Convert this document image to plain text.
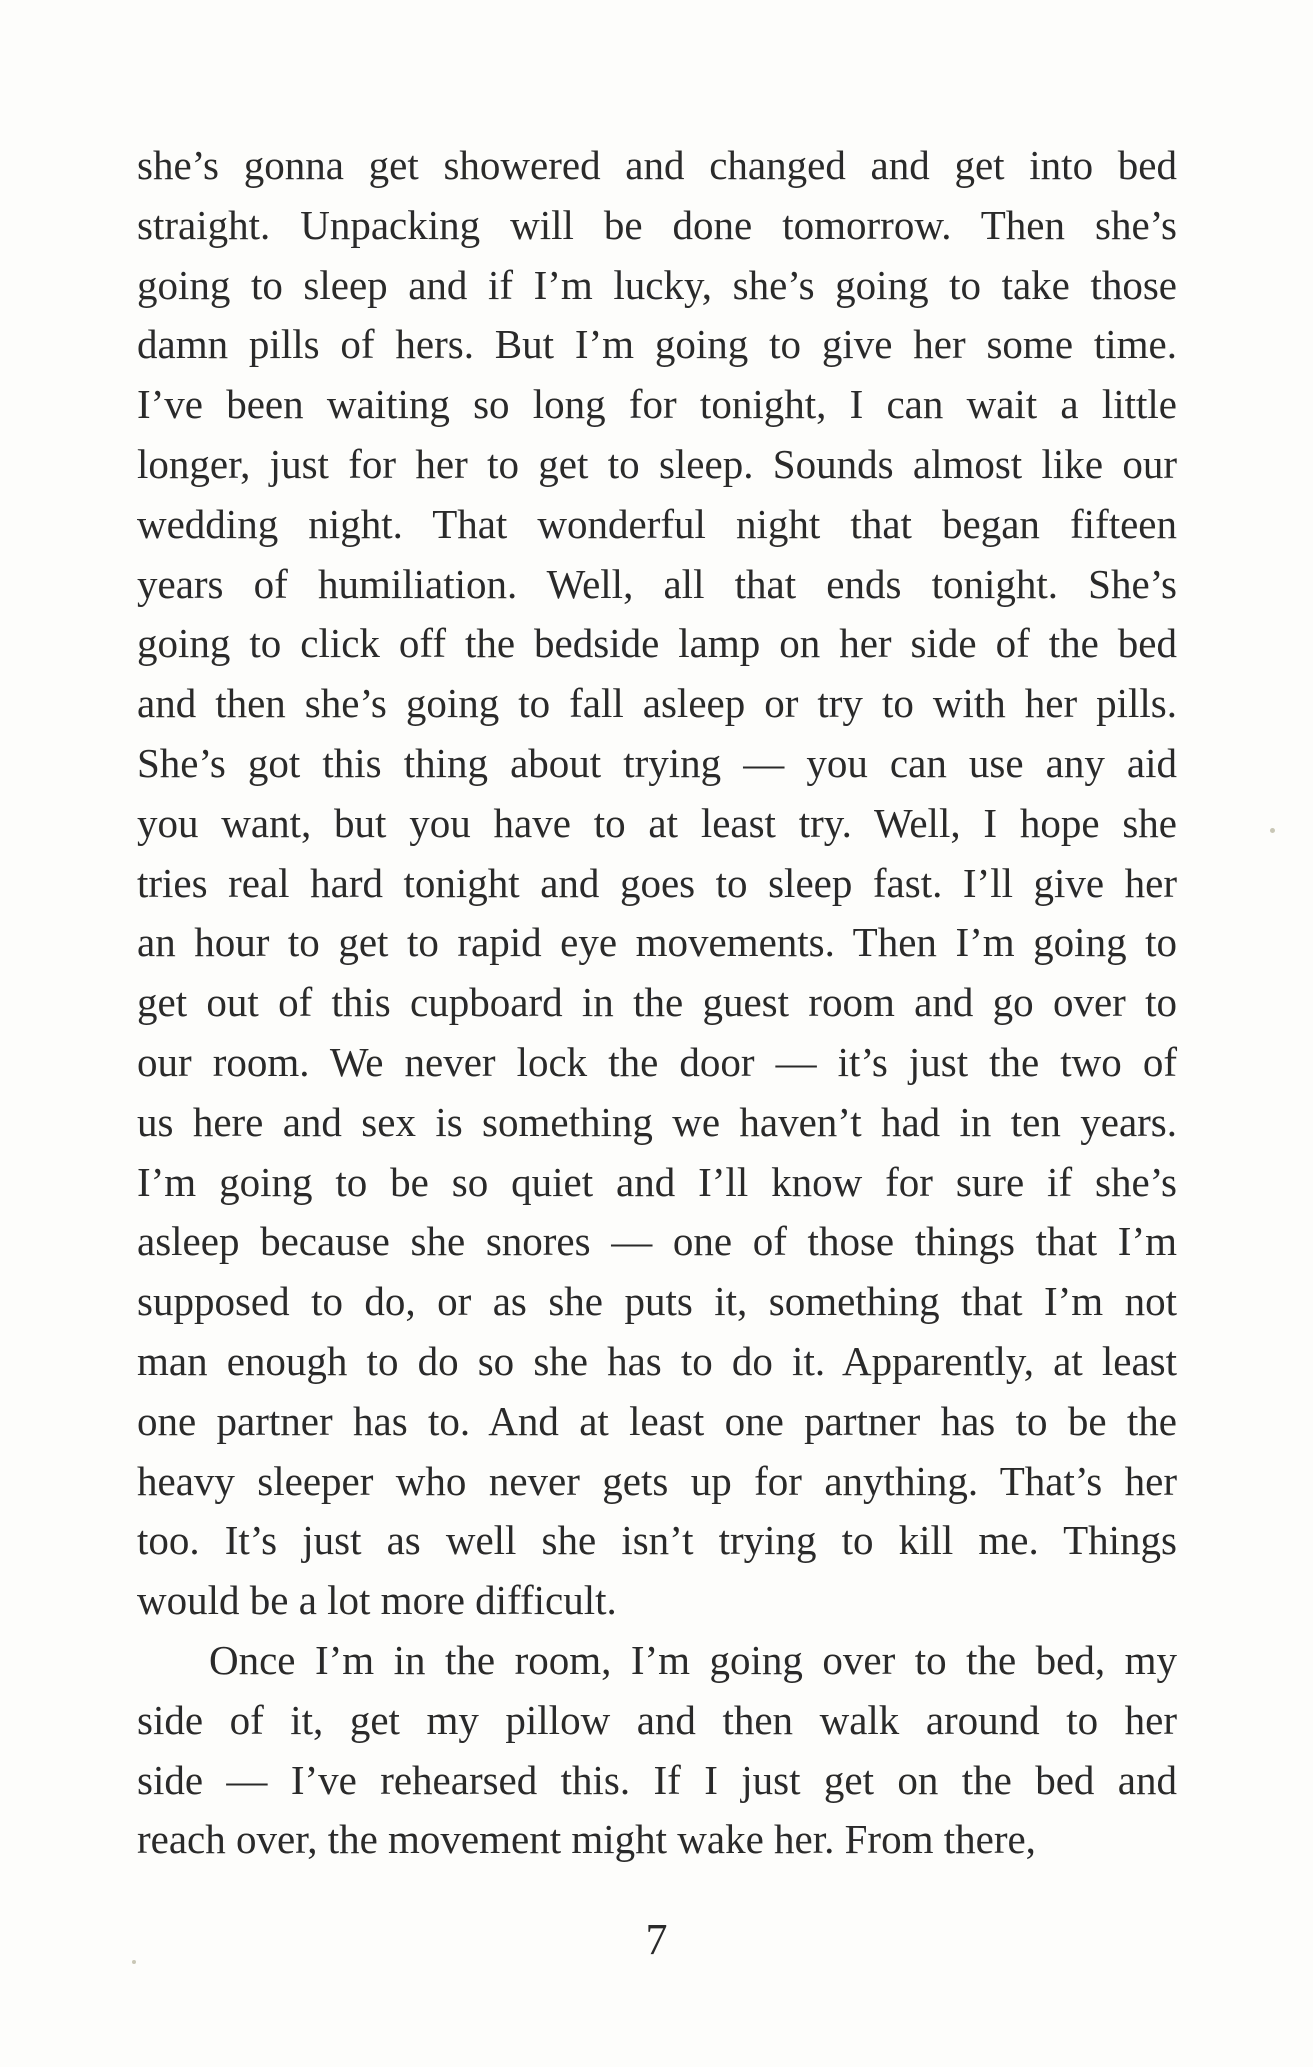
she’s gonna get showered and changed and get into bed
straight. Unpacking will be done tomorrow. Then she’s
going to sleep and if I’m lucky, she’s going to take those
damn pills of hers. But I’m going to give her some time.
I’ve been waiting so long for tonight, I can wait a little
longer, just for her to get to sleep. Sounds almost like our
wedding night. That wonderful night that began fifteen
years of humiliation. Well, all that ends tonight. She’s
going to click off the bedside lamp on her side of the bed
and then she’s going to fall asleep or try to with her pills.
She’s got this thing about trying — you can use any aid
you want, but you have to at least try. Well, I hope she
tries real hard tonight and goes to sleep fast. I’ll give her
an hour to get to rapid eye movements. Then I’m going to
get out of this cupboard in the guest room and go over to
our room. We never lock the door — it’s just the two of
us here and sex is something we haven’t had in ten years.
I’m going to be so quiet and I’ll know for sure if she’s
asleep because she snores — one of those things that I’m
supposed to do, or as she puts it, something that I’m not
man enough to do so she has to do it. Apparently, at least
one partner has to. And at least one partner has to be the
heavy sleeper who never gets up for anything. That’s her
too. It’s just as well she isn’t trying to kill me. Things
would be a lot more difficult.
Once I’m in the room, I’m going over to the bed, my
side of it, get my pillow and then walk around to her
side — I’ve rehearsed this. If I just get on the bed and
reach over, the movement might wake her. From there,
7
